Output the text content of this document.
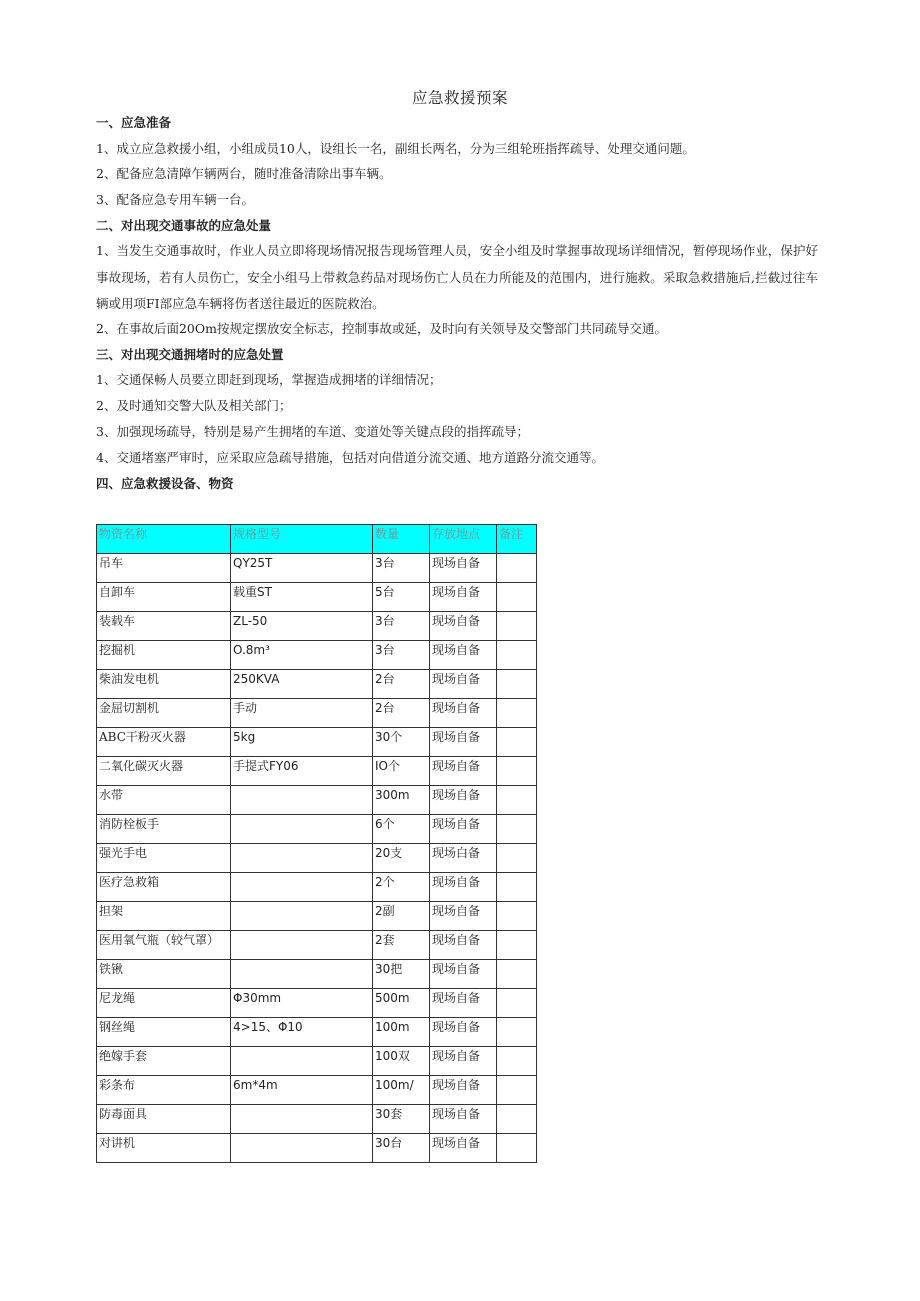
应急救援预案
一、应急准备
1、成立应急救援小组，小组成员10人，设组长一名，副组长两名，分为三组轮班指挥疏导、处理交通问题。
2、配备应急清障乍辆两台，随时准备清除出事车辆。
3、配备应急专用车辆一台。
二、对出现交通事故的应急处量
1、当发生交通事故时，作业人员立即将现场情况报告现场管理人员，安全小组及时掌握事故现场详细情况，暂停现场作业，保护好事故现场，若有人员伤亡，安全小组马上带救急药品对现场伤亡人员在力所能及的范围内，进行施救。采取急救措施后,拦截过往车辆或用项FI部应急车辆将伤者送往最近的医院救治。
2、在事故后面20Om按规定摆放安全标志，控制事故或延，及时向有关领导及交警部门共同疏导交通。
三、对出现交通拥堵时的应急处置
1、交通保畅人员要立即赶到现场，掌握造成拥堵的详细情况；
2、及时通知交警大队及相关部门；
3、加强现场疏导，特别是易产生拥堵的车道、变道处等关键点段的指挥疏导；
4、交通堵塞严审时，应采取应急疏导措施，包括对向借道分流交通、地方道路分流交通等。
四、应急救援设备、物资
物资名称	规格型号	数量	存放地点	备注
吊车	QY25T	3台	现场自备	
自卸车	载重ST	5台	现场自备	
装载车	ZL-50	3台	现场自备	
挖掘机	O.8m³	3台	现场自备	
柴油发电机	250KVA	2台	现场自备	
金屈切割机	手动	2台	现场自备	
ABC干粉灭火器	5kg	30个	现场自备	
二氧化碳灭火器	手提式FY06	IO个	现场自备	
水带		300m	现场自备	
消防栓板手		6个	现场自备	
强光手电		20支	现场白备	
医疗急救箱		2个	现场自备	
担架		2副	现场自备	
医用氧气瓶（较气罩）		2套	现场自备	
铁锹		30把	现场自备	
尼龙绳	Φ30mm	500m	现场自备	
钢丝绳	4>15、Φ10	100m	现场自备	
绝嫁手套		100双	现场自备	
彩条布	6m*4m	100m/	现场自备	
防毒面具		30套	现场自备	
对讲机		30台	现场自备	
